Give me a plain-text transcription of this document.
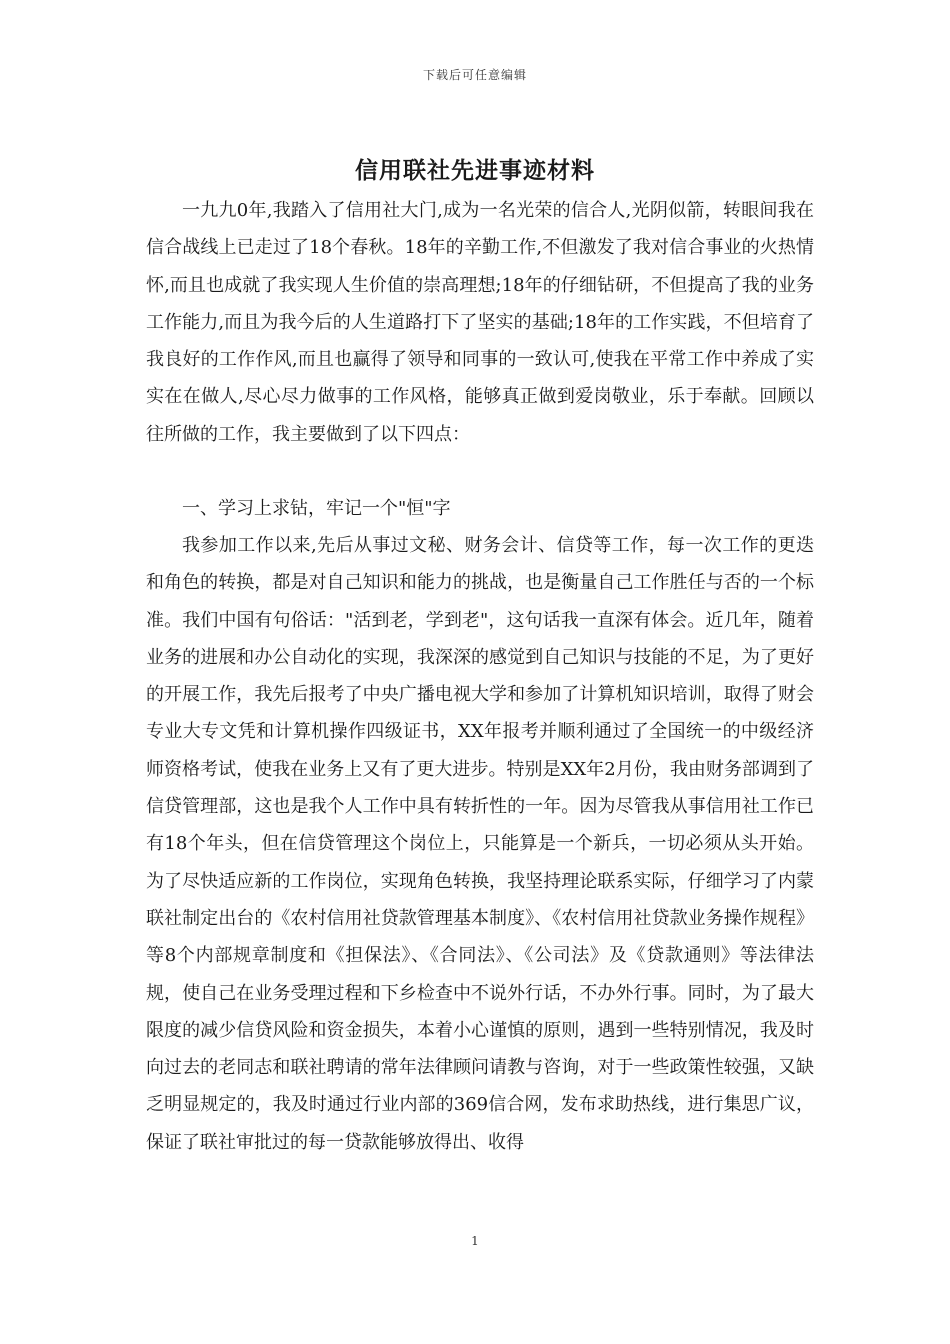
下载后可任意编辑
信用联社先进事迹材料

一九九0年,我踏入了信用社大门,成为一名光荣的信合人,光阴似箭，转眼间我在信合战线上已走过了18个春秋。18年的辛勤工作,不但激发了我对信合事业的火热情怀,而且也成就了我实现人生价值的崇高理想;18年的仔细钻研，不但提高了我的业务工作能力,而且为我今后的人生道路打下了坚实的基础;18年的工作实践，不但培育了我良好的工作作风,而且也赢得了领导和同事的一致认可,使我在平常工作中养成了实实在在做人,尽心尽力做事的工作风格，能够真正做到爱岗敬业，乐于奉献。回顾以往所做的工作，我主要做到了以下四点：

一、学习上求钻，牢记一个"恒"字

我参加工作以来,先后从事过文秘、财务会计、信贷等工作，每一次工作的更迭和角色的转换，都是对自己知识和能力的挑战，也是衡量自己工作胜任与否的一个标准。我们中国有句俗话："活到老，学到老"，这句话我一直深有体会。近几年，随着业务的进展和办公自动化的实现，我深深的感觉到自己知识与技能的不足，为了更好的开展工作，我先后报考了中央广播电视大学和参加了计算机知识培训，取得了财会专业大专文凭和计算机操作四级证书，XX年报考并顺利通过了全国统一的中级经济师资格考试，使我在业务上又有了更大进步。特别是XX年2月份，我由财务部调到了信贷管理部，这也是我个人工作中具有转折性的一年。因为尽管我从事信用社工作已有18个年头，但在信贷管理这个岗位上，只能算是一个新兵，一切必须从头开始。为了尽快适应新的工作岗位，实现角色转换，我坚持理论联系实际，仔细学习了内蒙联社制定出台的《农村信用社贷款管理基本制度》、《农村信用社贷款业务操作规程》等8个内部规章制度和《担保法》、《合同法》、《公司法》及《贷款通则》等法律法规，使自己在业务受理过程和下乡检查中不说外行话，不办外行事。同时，为了最大限度的减少信贷风险和资金损失，本着小心谨慎的原则，遇到一些特别情况，我及时向过去的老同志和联社聘请的常年法律顾问请教与咨询，对于一些政策性较强，又缺乏明显规定的，我及时通过行业内部的369信合网，发布求助热线，进行集思广议，保证了联社审批过的每一贷款能够放得出、收得

1
